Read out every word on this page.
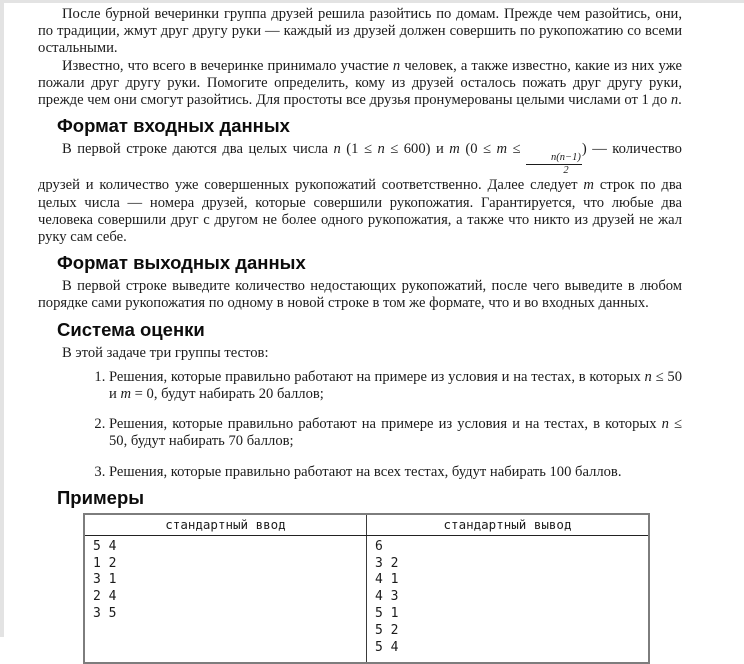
После бурной вечеринки группа друзей решила разойтись по домам. Прежде чем разойтись, они, по традиции, жмут друг другу руки — каждый из друзей должен совершить по рукопожатию со всеми остальными.

Известно, что всего в вечеринке принимало участие n человек, а также известно, какие из них уже пожали друг другу руки. Помогите определить, кому из друзей осталось пожать друг другу руки, прежде чем они смогут разойтись. Для простоты все друзья пронумерованы целыми числами от 1 до n.

Формат входных данных

В первой строке даются два целых числа n (1 ≤ n ≤ 600) и m (0 ≤ m ≤
$\frac{n(n-1)}{2}$
) — количество друзей и количество уже совершенных рукопожатий соответственно. Далее следует m строк по два целых числа — номера друзей, которые совершили рукопожатия. Гарантируется, что любые два человека совершили друг с другом не более одного рукопожатия, а также что никто из друзей не жал руку сам себе.

Формат выходных данных

В первой строке выведите количество недостающих рукопожатий, после чего выведите в любом порядке сами рукопожатия по одному в новой строке в том же формате, что и во входных данных.

Система оценки

В этой задаче три группы тестов:

1. Решения, которые правильно работают на примере из условия и на тестах, в которых n ≤ 50 и m = 0, будут набирать 20 баллов;
2. Решения, которые правильно работают на примере из условия и на тестах, в которых n ≤ 50, будут набирать 70 баллов;
3. Решения, которые правильно работают на всех тестах, будут набирать 100 баллов.
Примеры
стандартный ввод	стандартный вывод

5 4
1 2
3 1
2 4
3 5

6
3 2
4 1
4 3
5 1
5 2
5 4
